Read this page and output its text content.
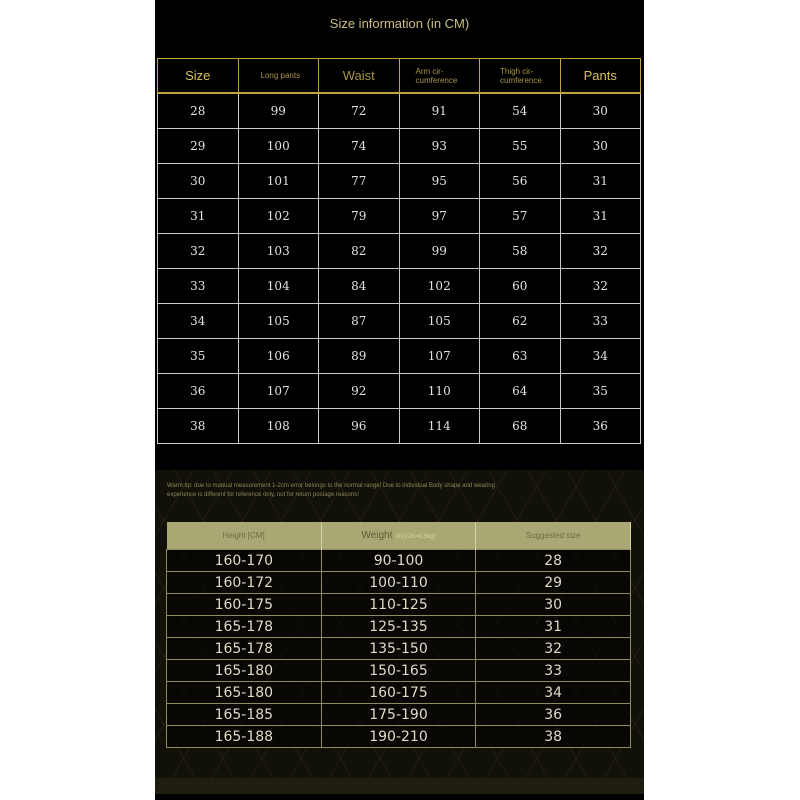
Size information (in CM)
Size	Long pants	Waist	Arm cir-cumference	Thigh cir-cumference	Pants
28	99	72	91	54	30
29	100	74	93	55	30
30	101	77	95	56	31
31	102	79	97	57	31
32	103	82	99	58	32
33	104	84	102	60	32
34	105	87	105	62	33
35	106	89	107	63	34
36	107	92	110	64	35
38	108	96	114	68	36
Warm tip: due to manual measurement 1-2cm error belongs to the normal range! Due to individual Body shape and wearing experience is different for reference only, not for return postage reasons!
Height [CM]	Weight Jin(1Jin=0.5kg)	Suggested size
160-170	90-100	28
160-172	100-110	29
160-175	110-125	30
165-178	125-135	31
165-178	135-150	32
165-180	150-165	33
165-180	160-175	34
165-185	175-190	36
165-188	190-210	38
